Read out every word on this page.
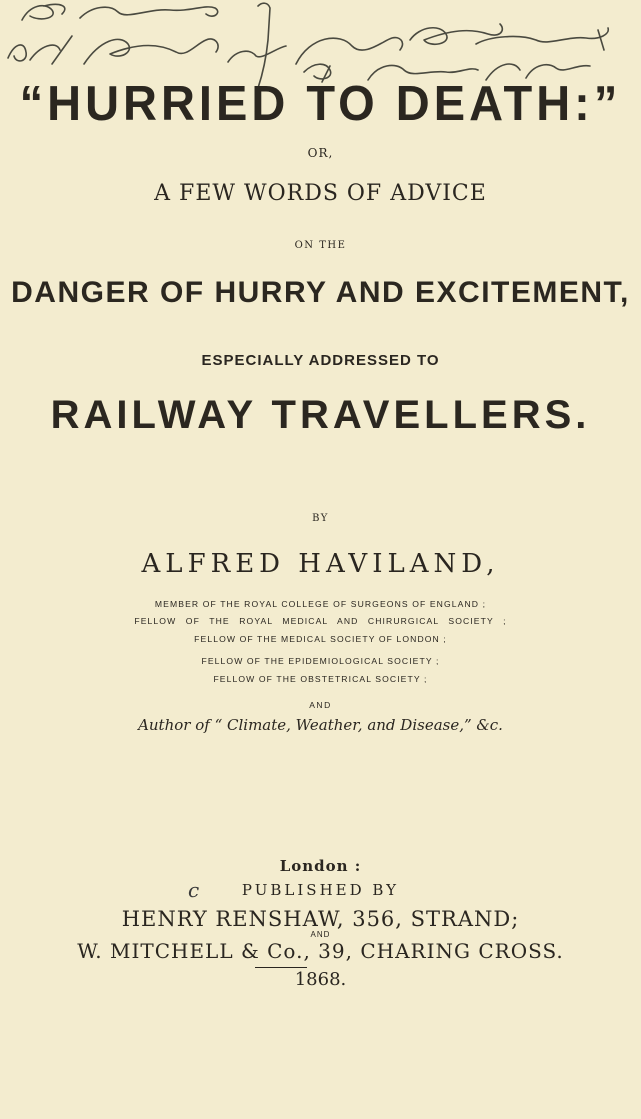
“HURRIED TO DEATH:”
OR,
A FEW WORDS OF ADVICE
ON THE
DANGER OF HURRY AND EXCITEMENT,
ESPECIALLY ADDRESSED TO
RAILWAY TRAVELLERS.
BY
ALFRED HAVILAND,
MEMBER OF THE ROYAL COLLEGE OF SURGEONS OF ENGLAND ;
FELLOW OF THE ROYAL MEDICAL AND CHIRURGICAL SOCIETY ;
FELLOW OF THE MEDICAL SOCIETY OF LONDON ;
FELLOW OF THE EPIDEMIOLOGICAL SOCIETY ;
FELLOW OF THE OBSTETRICAL SOCIETY ;
AND
Author of “ Climate, Weather, and Disease,” &c.
London :
c	PUBLISHED BY
HENRY RENSHAW, 356, STRAND;
AND
W. MITCHELL & Co., 39, CHARING CROSS.
1868.
